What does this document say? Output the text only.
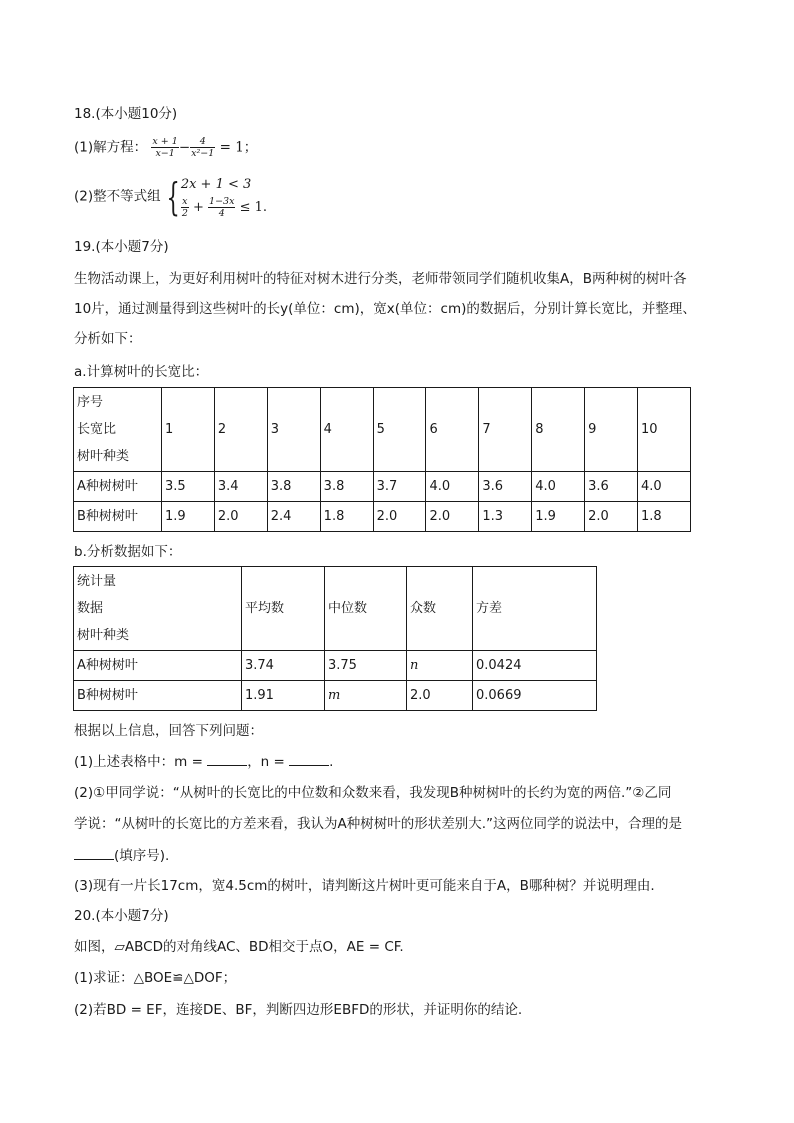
18.(本小题10分)
(1)解方程： $\frac{x + 1}{x-1} - \frac{4}{\text{x²−1}} = 1$；
(2)整不等式组 { 2x + 1 < 3
$\frac{x}{2} + \frac{1-3x}{4} \le 1$.
19.(本小题7分)
生物活动课上，为更好利用树叶的特征对树木进行分类，老师带领同学们随机收集A，B两种树的树叶各
10片，通过测量得到这些树叶的长y(单位：cm)，宽x(单位：cm)的数据后，分别计算长宽比，并整理、
分析如下：
a.计算树叶的长宽比：
序号
长宽比
树叶种类	1	2	3	4	5	6	7	8	9	10
A种树树叶	3.5	3.4	3.8	3.8	3.7	4.0	3.6	4.0	3.6	4.0
B种树树叶	1.9	2.0	2.4	1.8	2.0	2.0	1.3	1.9	2.0	1.8
b.分析数据如下：
统计量
数据
树叶种类	平均数	中位数	众数	方差
A种树树叶	3.74	3.75	n	0.0424
B种树树叶	1.91	m	2.0	0.0669
根据以上信息，回答下列问题：
(1)上述表格中：m =	，n =	.
(2)①甲同学说：“从树叶的长宽比的中位数和众数来看，我发现B种树树叶的长约为宽的两倍.”②乙同
学说：“从树叶的长宽比的方差来看，我认为A种树树叶的形状差别大.”这两位同学的说法中，合理的是
(填序号).
(3)现有一片长17cm，宽4.5cm的树叶，请判断这片树叶更可能来自于A，B哪种树？并说明理由.
20.(本小题7分)
如图，▱ABCD的对角线AC、BD相交于点O，AE = CF.
(1)求证：△BOE≌△DOF；
(2)若BD = EF，连接DE、BF，判断四边形EBFD的形状，并证明你的结论.
